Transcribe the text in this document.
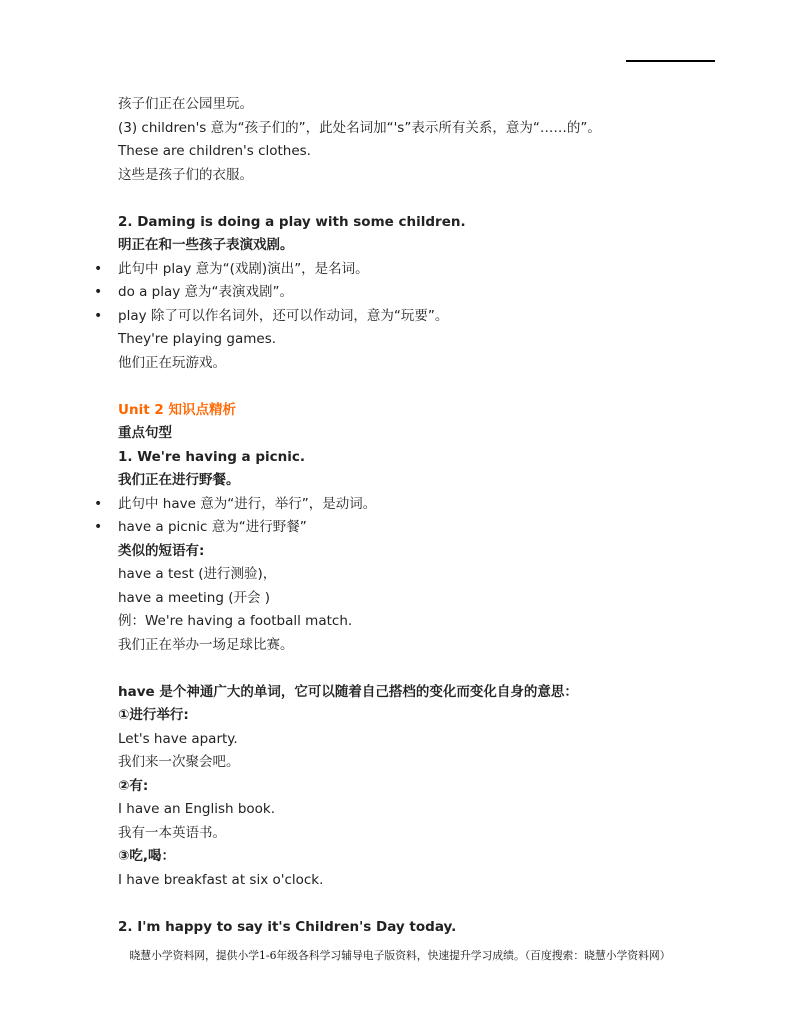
孩子们正在公园里玩。
(3) children's 意为“孩子们的”，此处名词加“'s”表示所有关系，意为“……的”。
These are children's clothes.
这些是孩子们的衣服。
2. Daming is doing a play with some children.
明正在和一些孩子表演戏剧。
• 此句中 play 意为“(戏剧)演出”，是名词。
• do a play 意为“表演戏剧”。
• play 除了可以作名词外，还可以作动词，意为“玩要”。
They're playing games.
他们正在玩游戏。
Unit 2 知识点精析
重点句型
1. We're having a picnic.
我们正在进行野餐。
• 此句中 have 意为“进行，举行”，是动词。
• have a picnic 意为“进行野餐”
类似的短语有:
have a test (进行测验)，
have a meeting (开会 )
例：We're having a football match.
我们正在举办一场足球比赛。
have 是个神通广大的单词，它可以随着自己搭档的变化而变化自身的意思：
①进行举行:
Let's have aparty.
我们来一次聚会吧。
②有:
I have an English book.
我有一本英语书。
③吃,喝：
I have breakfast at six o'clock.
2. I'm happy to say it's Children's Day today.
晓慧小学资料网，提供小学1-6年级各科学习辅导电子版资料，快速提升学习成绩。（百度搜索：晓慧小学资料网）
